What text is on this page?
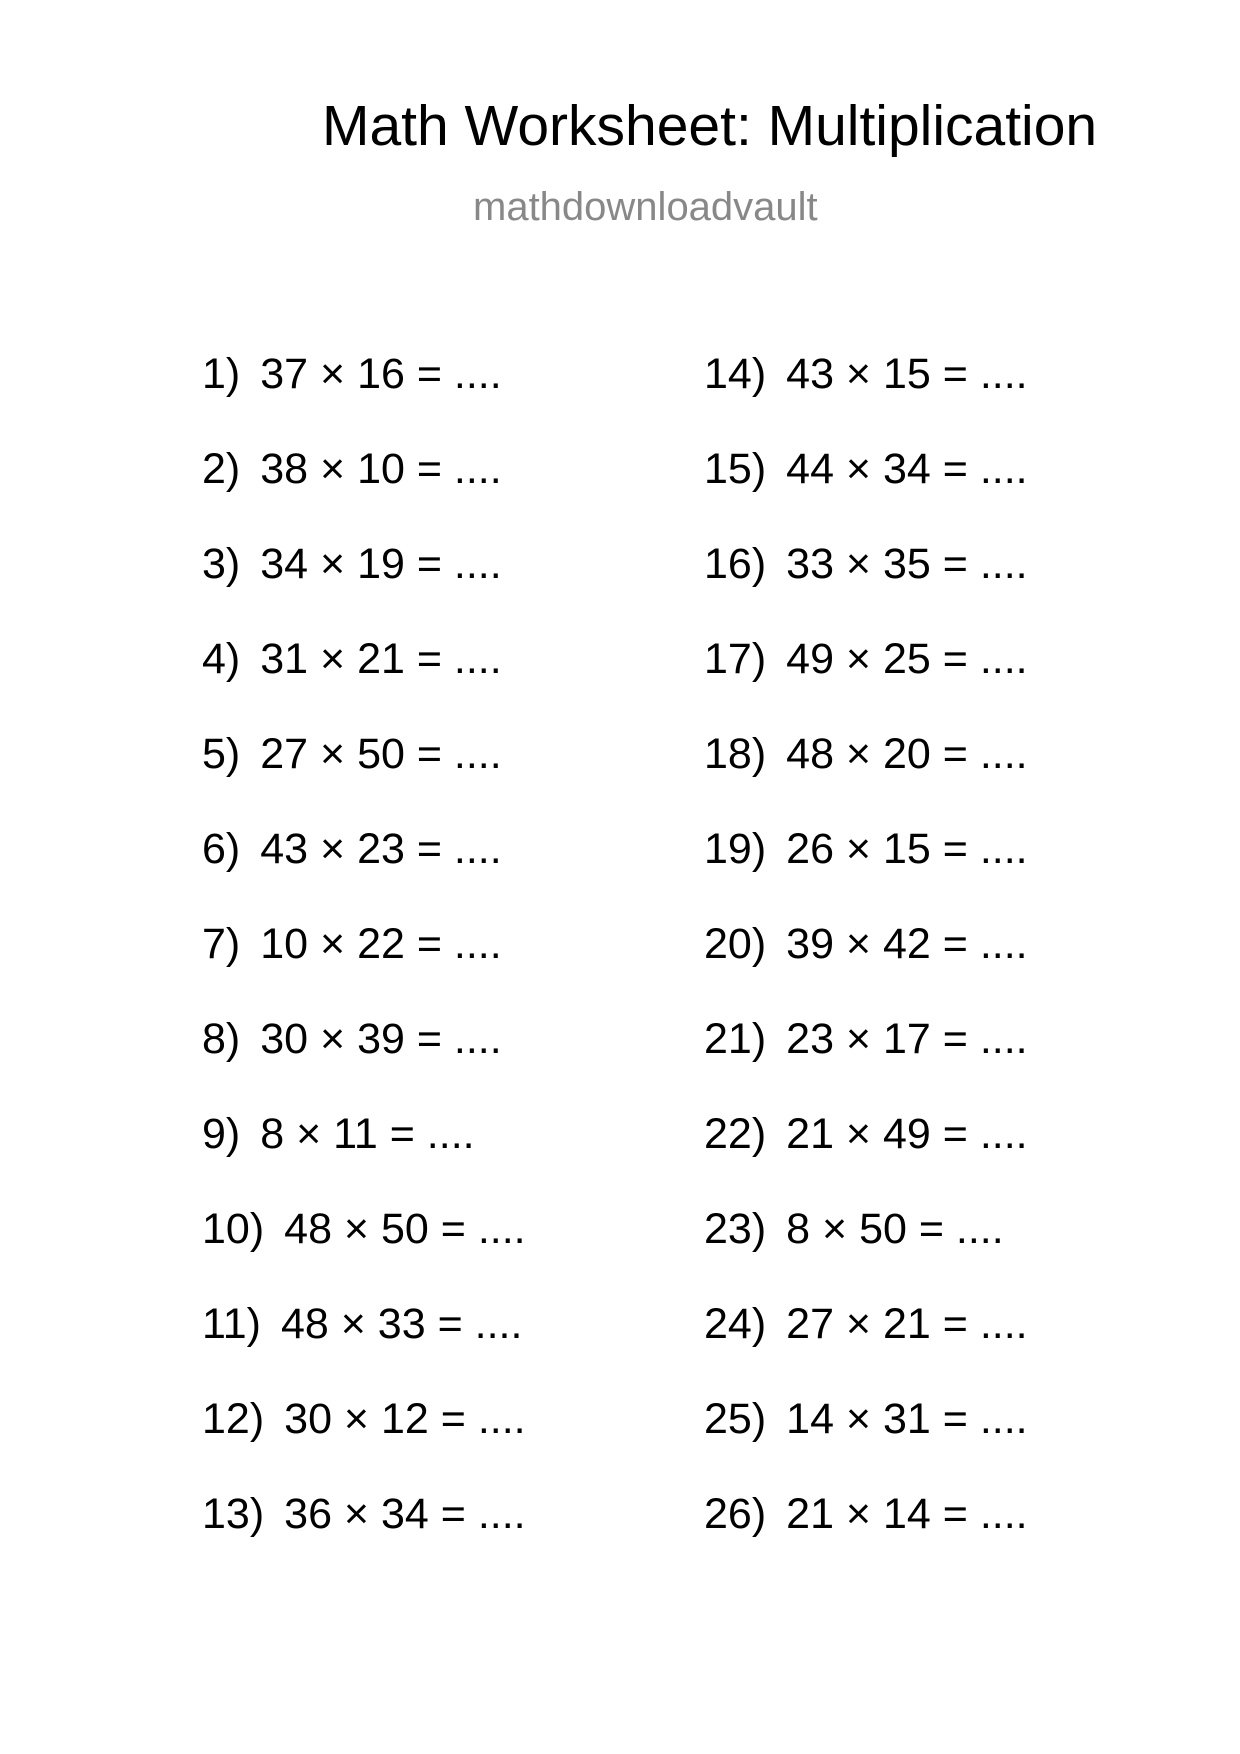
Math Worksheet: Multiplication
mathdownloadvault
1) 37 × 16 = ....
2) 38 × 10 = ....
3) 34 × 19 = ....
4) 31 × 21 = ....
5) 27 × 50 = ....
6) 43 × 23 = ....
7) 10 × 22 = ....
8) 30 × 39 = ....
9) 8 × 11 = ....
10) 48 × 50 = ....
11) 48 × 33 = ....
12) 30 × 12 = ....
13) 36 × 34 = ....
14) 43 × 15 = ....
15) 44 × 34 = ....
16) 33 × 35 = ....
17) 49 × 25 = ....
18) 48 × 20 = ....
19) 26 × 15 = ....
20) 39 × 42 = ....
21) 23 × 17 = ....
22) 21 × 49 = ....
23) 8 × 50 = ....
24) 27 × 21 = ....
25) 14 × 31 = ....
26) 21 × 14 = ....
